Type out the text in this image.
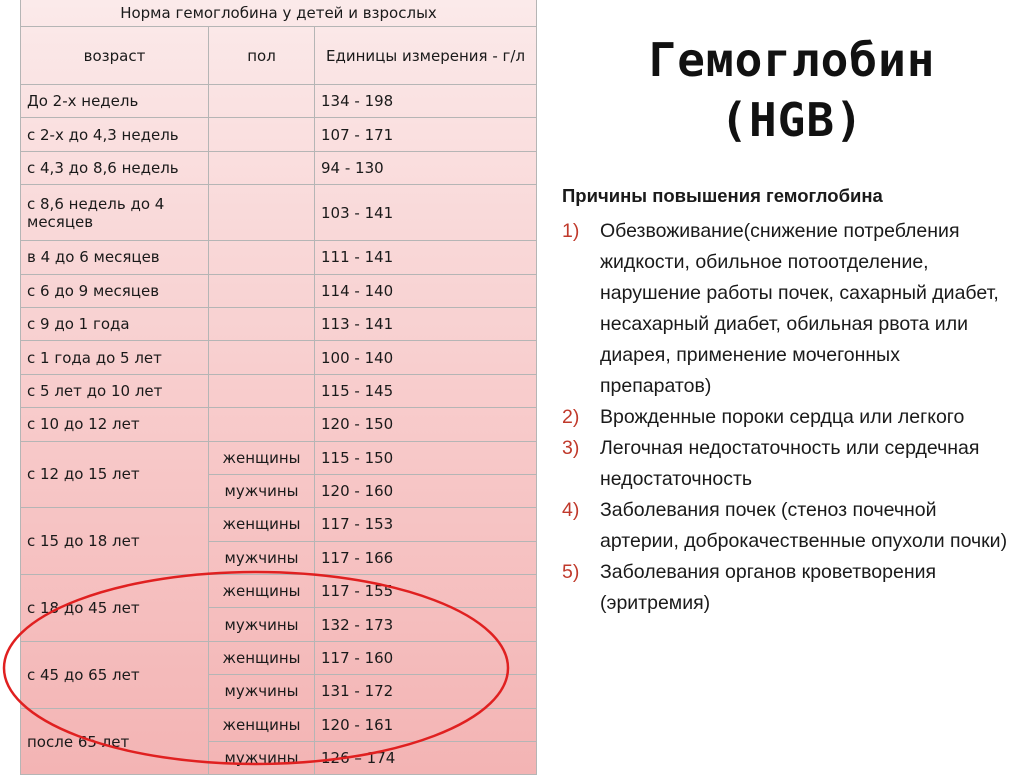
Норма гемоглобина у детей и взрослых		
возраст	пол	Единицы измерения - г/л
До 2-х недель		134 - 198
с 2-х до 4,3 недель		107 - 171
с 4,3 до 8,6 недель		94 - 130
с 8,6 недель до 4 месяцев		103 - 141
в 4 до 6 месяцев		111 - 141
с 6 до 9 месяцев		114 - 140
с 9 до 1 года		113 - 141
с 1 года до 5 лет		100 - 140
с 5 лет до 10 лет		115 - 145
с 10 до 12 лет		120 - 150
с 12 до 15 лет	женщины	115 - 150
	мужчины	120 - 160
с 15 до 18 лет	женщины	117 - 153
	мужчины	117 - 166
с 18 до 45 лет	женщины	117 - 155
	мужчины	132 - 173
с 45 до 65 лет	женщины	117 - 160
	мужчины	131 - 172
после 65 лет	женщины	120 - 161
	мужчины	126 – 174
Гемоглобин
(HGB)
Причины повышения гемоглобина
1) Обезвоживание(снижение потребления жидкости, обильное потоотделение, нарушение работы почек, сахарный диабет, несахарный диабет, обильная рвота или диарея, применение мочегонных препаратов)
2) Врожденные пороки сердца или легкого
3) Легочная недостаточность или сердечная недостаточность
4) Заболевания почек (стеноз почечной артерии, доброкачественные опухоли почки)
5) Заболевания органов кроветворения (эритремия)
